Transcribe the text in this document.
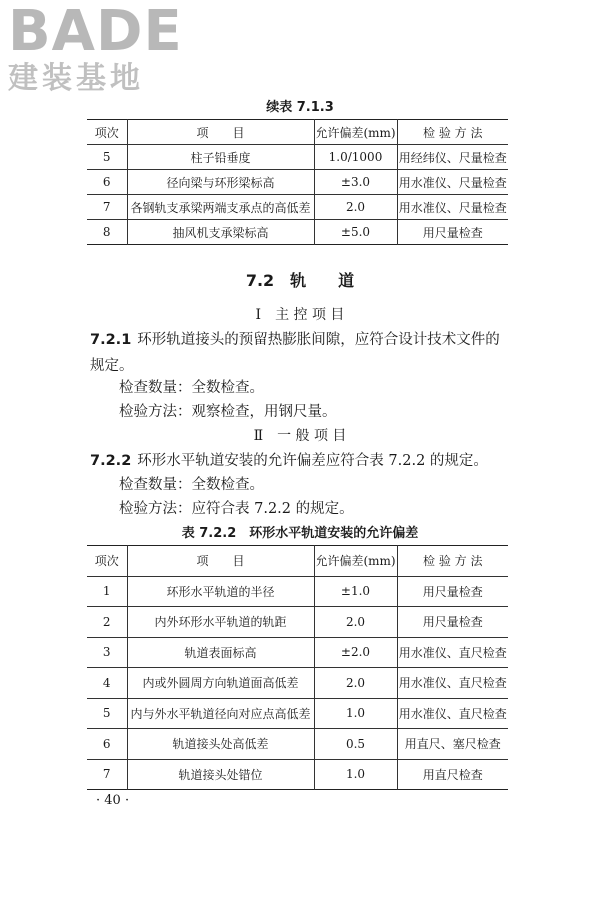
BADE
建装基地
续表 7.1.3
项次	项　　目	允许偏差(mm)	检 验 方 法
5	柱子铅垂度	1.0/1000	用经纬仪、尺量检查
6	径向梁与环形梁标高	±3.0	用水准仪、尺量检查
7	各钢轨支承梁两端支承点的高低差	2.0	用水准仪、尺量检查
8	抽风机支承梁标高	±5.0	用尺量检查
7.2　轨　　道
Ⅰ　主 控 项 目
7.2.1 环形轨道接头的预留热膨胀间隙，应符合设计技术文件的
规定。
检查数量：全数检查。
检验方法：观察检查，用钢尺量。
Ⅱ　一 般 项 目
7.2.2 环形水平轨道安装的允许偏差应符合表 7.2.2 的规定。
检查数量：全数检查。
检验方法：应符合表 7.2.2 的规定。
表 7.2.2　环形水平轨道安装的允许偏差
项次	项　　目	允许偏差(mm)	检 验 方 法
1	环形水平轨道的半径	±1.0	用尺量检查
2	内外环形水平轨道的轨距	2.0	用尺量检查
3	轨道表面标高	±2.0	用水准仪、直尺检查
4	内或外圆周方向轨道面高低差	2.0	用水准仪、直尺检查
5	内与外水平轨道径向对应点高低差	1.0	用水准仪、直尺检查
6	轨道接头处高低差	0.5	用直尺、塞尺检查
7	轨道接头处错位	1.0	用直尺检查
· 40 ·
